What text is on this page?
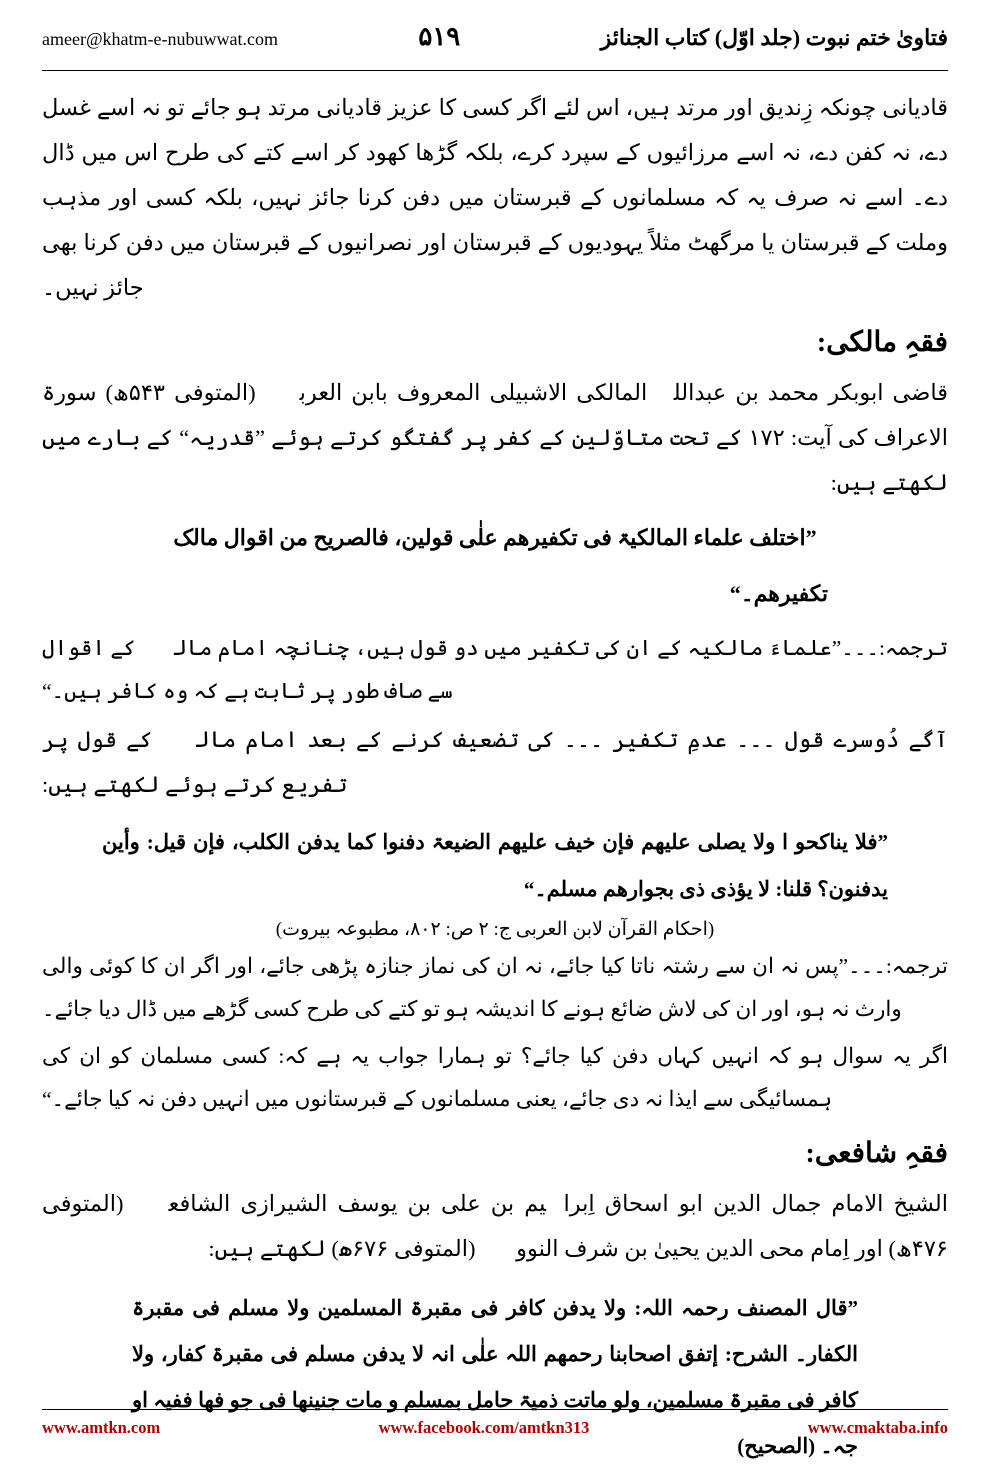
فتاویٰ ختم نبوت (جلد اوّل) کتاب الجنائز
۵۱۹
ameer@khatm-e-nubuwwat.com

قادیانی چونکہ زِندیق اور مرتد ہیں، اس لئے اگر کسی کا عزیز قادیانی مرتد ہو جائے تو نہ اسے غسل دے، نہ کفن دے، نہ اسے مرزائیوں کے سپرد کرے، بلکہ گڑھا کھود کر اسے کتے کی طرح اس میں ڈال دے۔ اسے نہ صرف یہ کہ مسلمانوں کے قبرستان میں دفن کرنا جائز نہیں، بلکہ کسی اور مذہب وملت کے قبرستان یا مرگھٹ مثلاً یہودیوں کے قبرستان اور نصرانیوں کے قبرستان میں دفن کرنا بھی جائز نہیں۔

فقہِ مالکی:

قاضی ابوبکر محمد بن عبداللہ المالکی الاشبیلی المعروف بابن العربیؒ (المتوفی ۵۴۳ھ) سورۃ الاعراف کی آیت: ۱۷۲ کے تحت متاوّلین کے کفر پر گفتگو کرتے ہوئے ”قدریہ“ کے بارے میں لکھتے ہیں:

”اختلف علماء المالکیۃ فی تکفیرھم علٰی قولین، فالصریح من اقوال مالک

تکفیرھم۔“

ترجمہ:۔۔۔”علماءَ مالکیہ کے ان کی تکفیر میں دو قول ہیں، چنانچہ امام مالکؒ کے اقوال سے صاف طور پر ثابت ہے کہ وہ کافر ہیں۔“

آگے دُوسرے قول ۔۔۔ عدمِ تکفیر ۔۔۔ کی تضعیف کرنے کے بعد امام مالکؒ کے قول پر تفریع کرتے ہوئے لکھتے ہیں:

”فلا یناکحو ا ولا یصلی علیھم فإن خیف علیھم الضیعۃ دفنوا کما یدفن الکلب، فإن قیل: وأین یدفنون؟ قلنا: لا یؤذی ذی بجوارھم مسلم۔“

(احکام القرآن لابن العربی ج: ۲ ص: ۸۰۲، مطبوعہ بیروت)

ترجمہ:۔۔۔”پس نہ ان سے رشتہ ناتا کیا جائے، نہ ان کی نماز جنازہ پڑھی جائے، اور اگر ان کا کوئی والی وارث نہ ہو، اور ان کی لاش ضائع ہونے کا اندیشہ ہو تو کتے کی طرح کسی گڑھے میں ڈال دیا جائے۔

اگر یہ سوال ہو کہ انہیں کہاں دفن کیا جائے؟ تو ہمارا جواب یہ ہے کہ: کسی مسلمان کو ان کی ہمسائیگی سے ایذا نہ دی جائے، یعنی مسلمانوں کے قبرستانوں میں انہیں دفن نہ کیا جائے۔“

فقہِ شافعی:

الشیخ الامام جمال الدین ابو اسحاق اِبراہیم بن علی بن یوسف الشیرازی الشافعیؒ (المتوفی ۴۷۶ھ) اور اِمام محی الدین یحییٰ بن شرف النوویؒ (المتوفی ۶۷۶ھ) لکھتے ہیں:

”قال المصنف رحمہ اللہ: ولا یدفن کافر فی مقبرۃ المسلمین ولا مسلم فی مقبرۃ الکفار۔ الشرح: إتفق اصحابنا رحمھم اللہ علٰی انہ لا یدفن مسلم فی مقبرۃ کفار، ولا کافر فی مقبرۃ مسلمین، ولو ماتت ذمیۃ حامل بمسلم و مات جنینھا فی جو فھا ففیہ او جہ۔ (الصحیح)

www.amtkn.com	www.facebook.com/amtkn313	www.cmaktaba.info
